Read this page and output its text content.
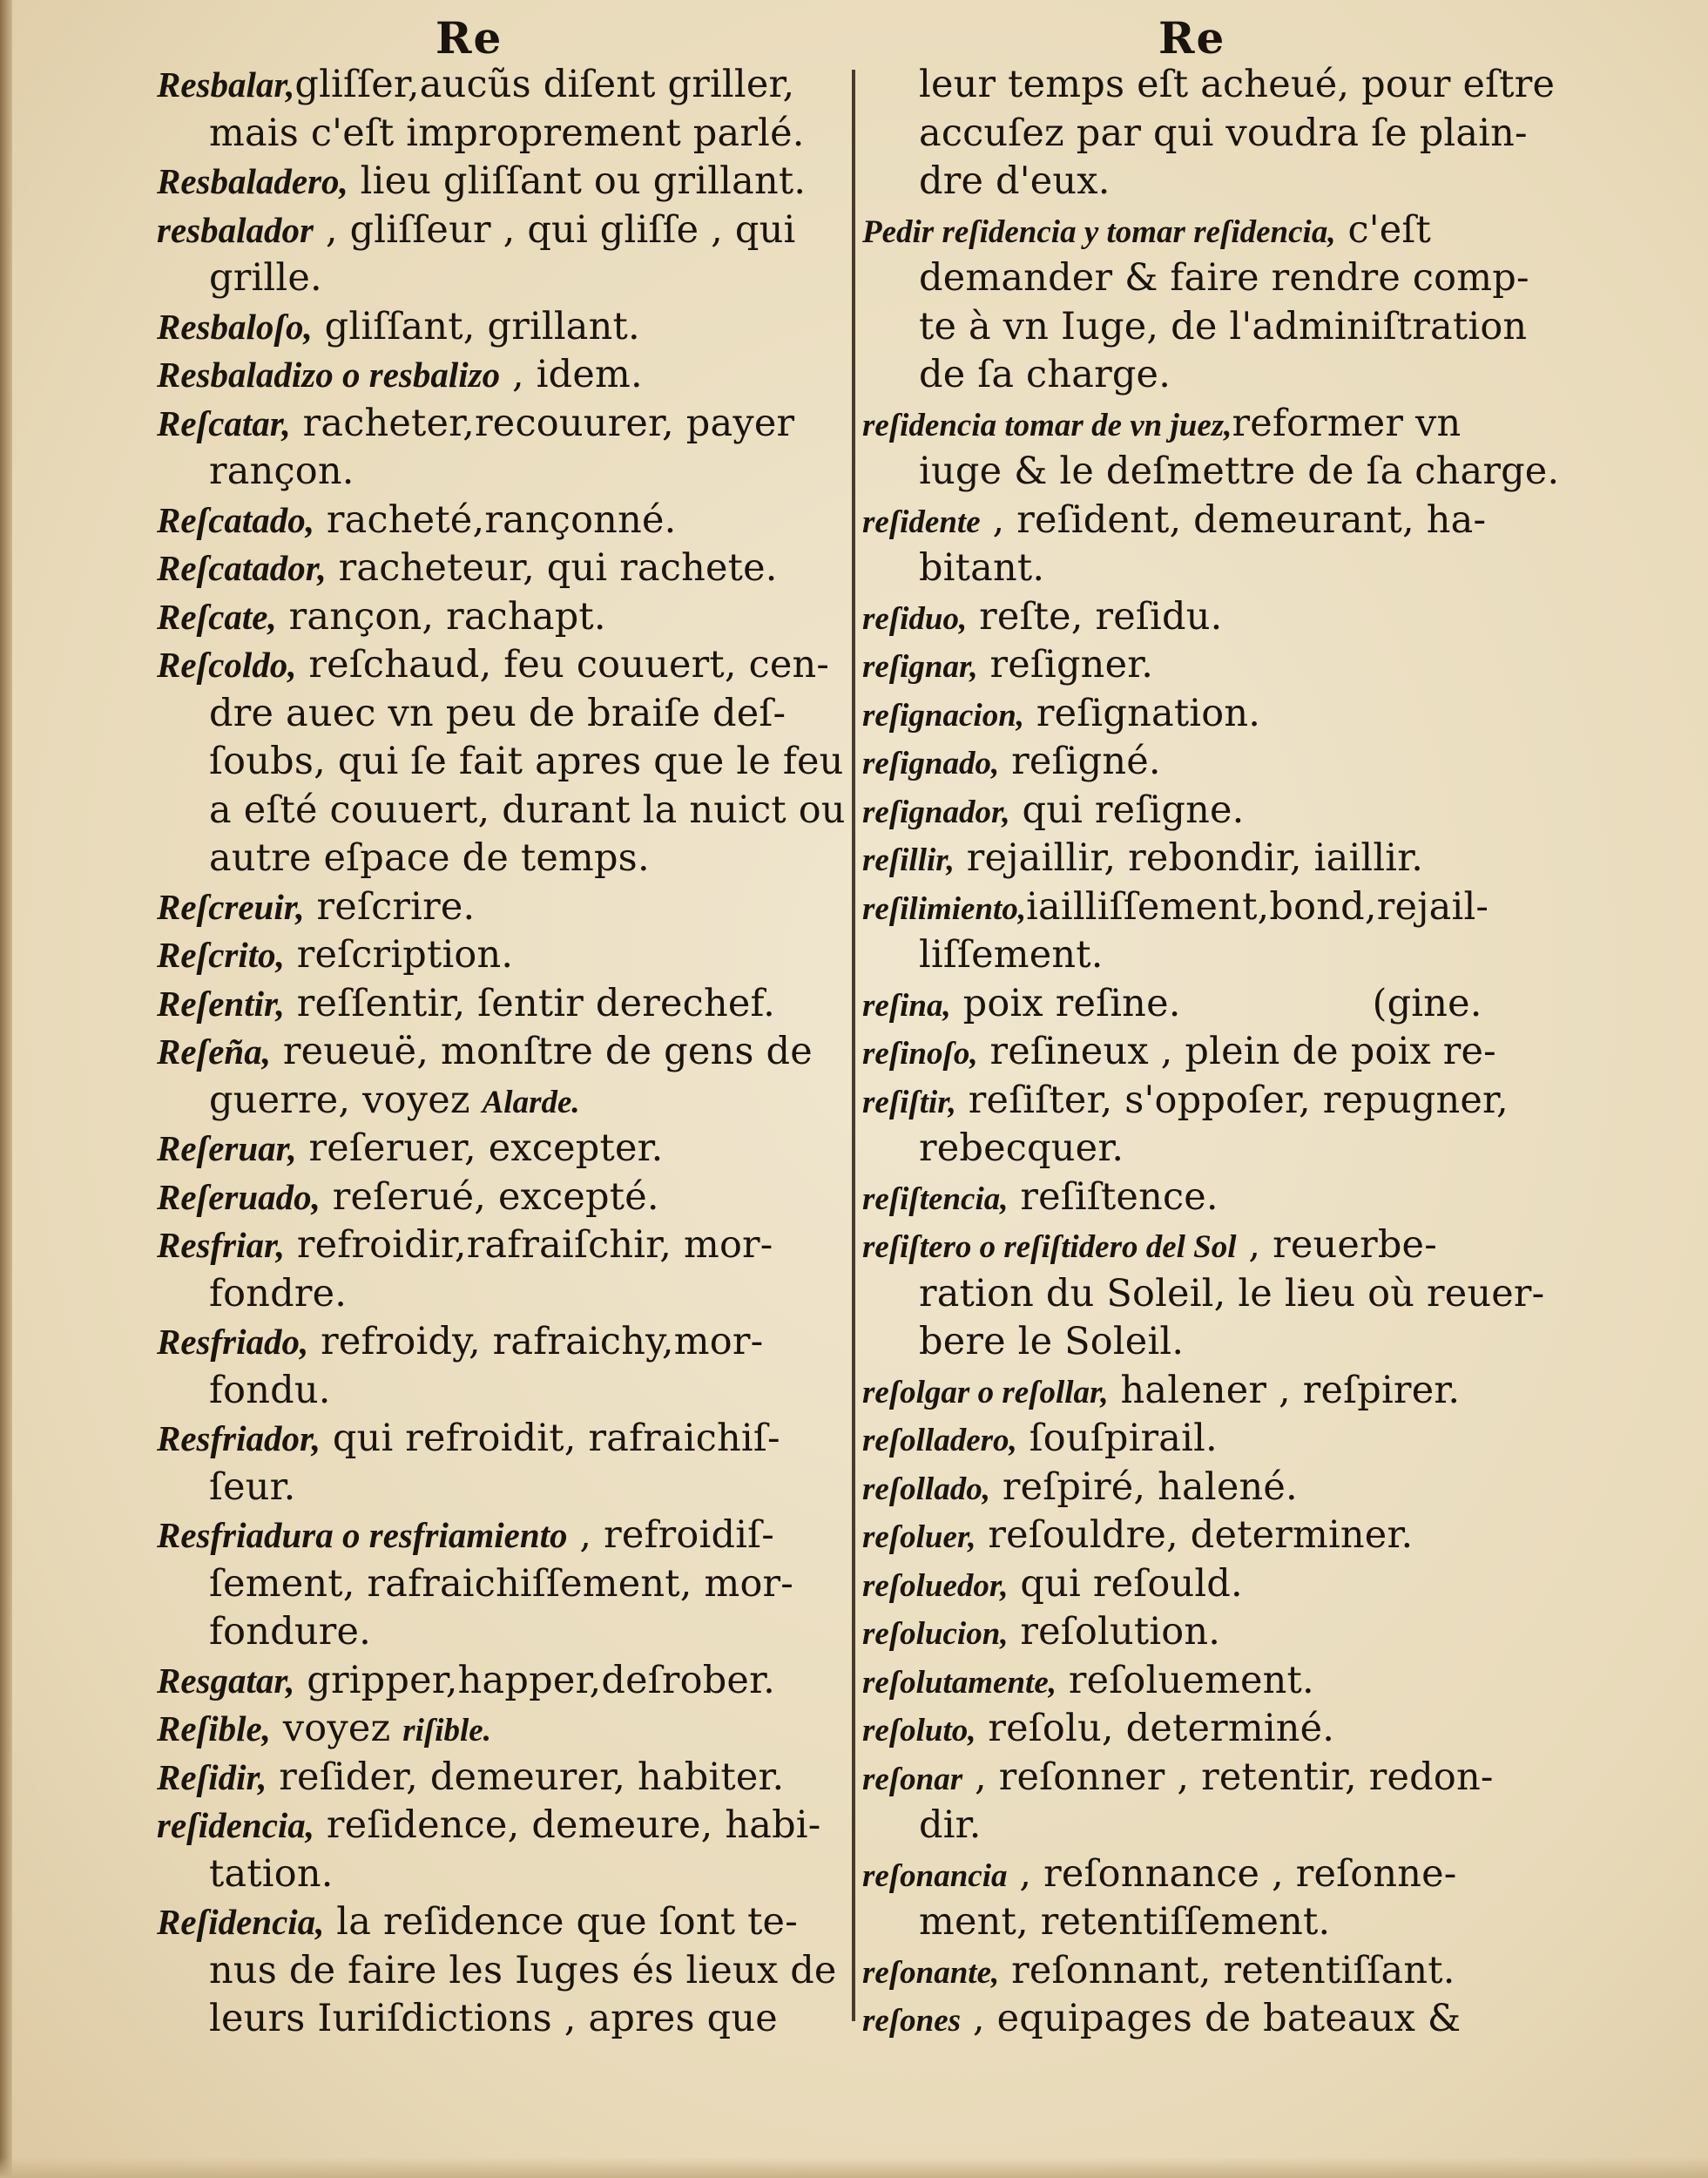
Re	Re
Resbalar,gliſſer,aucũs diſent griller,
mais c'eſt improprement parlé.
Resbaladero, lieu gliſſant ou grillant.
resbalador , gliſſeur , qui gliſſe , qui
grille.
Resbaloſo, gliſſant, grillant.
Resbaladizo o resbalizo , idem.
Reſcatar, racheter,recouurer, payer
rançon.
Reſcatado, racheté,rançonné.
Reſcatador, racheteur, qui rachete.
Reſcate, rançon, rachapt.
Reſcoldo, reſchaud, feu couuert, cen-
dre auec vn peu de braiſe deſ-
ſoubs, qui ſe fait apres que le feu
a eſté couuert, durant la nuict ou
autre eſpace de temps.
Reſcreuir, reſcrire.
Reſcrito, reſcription.
Reſentir, reſſentir, ſentir derechef.
Reſeña, reueuë, monſtre de gens de
guerre, voyez Alarde.
Reſeruar, reſeruer, excepter.
Reſeruado, reſerué, excepté.
Resfriar, refroidir,rafraiſchir, mor-
fondre.
Resfriado, refroidy, rafraichy,mor-
fondu.
Resfriador, qui refroidit, rafraichiſ-
ſeur.
Resfriadura o resfriamiento , refroidiſ-
ſement, rafraichiſſement, mor-
fondure.
Resgatar, gripper,happer,deſrober.
Reſible, voyez riſible.
Reſidir, reſider, demeurer, habiter.
reſidencia, reſidence, demeure, habi-
tation.
Reſidencia, la reſidence que ſont te-
nus de faire les Iuges és lieux de
leurs Iuriſdictions , apres que
leur temps eſt acheué, pour eſtre
accuſez par qui voudra ſe plain-
dre d'eux.
Pedir reſidencia y tomar reſidencia, c'eſt
demander & faire rendre comp-
te à vn Iuge, de l'adminiſtration
de ſa charge.
reſidencia tomar de vn juez,reformer vn
iuge & le deſmettre de ſa charge.
reſidente , reſident, demeurant, ha-
bitant.
reſiduo, reſte, reſidu.
reſignar, reſigner.
reſignacion, reſignation.
reſignado, reſigné.
reſignador, qui reſigne.
reſillir, rejaillir, rebondir, iaillir.
reſilimiento,iailliſſement,bond,rejail-
liſſement.
reſina, poix reſine.	(gine.
reſinoſo, reſineux , plein de poix re-
reſiſtir, reſiſter, s'oppoſer, repugner,
rebecquer.
reſiſtencia, reſiſtence.
reſiſtero o reſiſtidero del Sol , reuerbe-
ration du Soleil, le lieu où reuer-
bere le Soleil.
reſolgar o reſollar, halener , reſpirer.
reſolladero, ſouſpirail.
reſollado, reſpiré, halené.
reſoluer, reſouldre, determiner.
reſoluedor, qui reſould.
reſolucion, reſolution.
reſolutamente, reſoluement.
reſoluto, reſolu, determiné.
reſonar , reſonner , retentir, redon-
dir.
reſonancia , reſonnance , reſonne-
ment, retentiſſement.
reſonante, reſonnant, retentiſſant.
reſones , equipages de bateaux &
